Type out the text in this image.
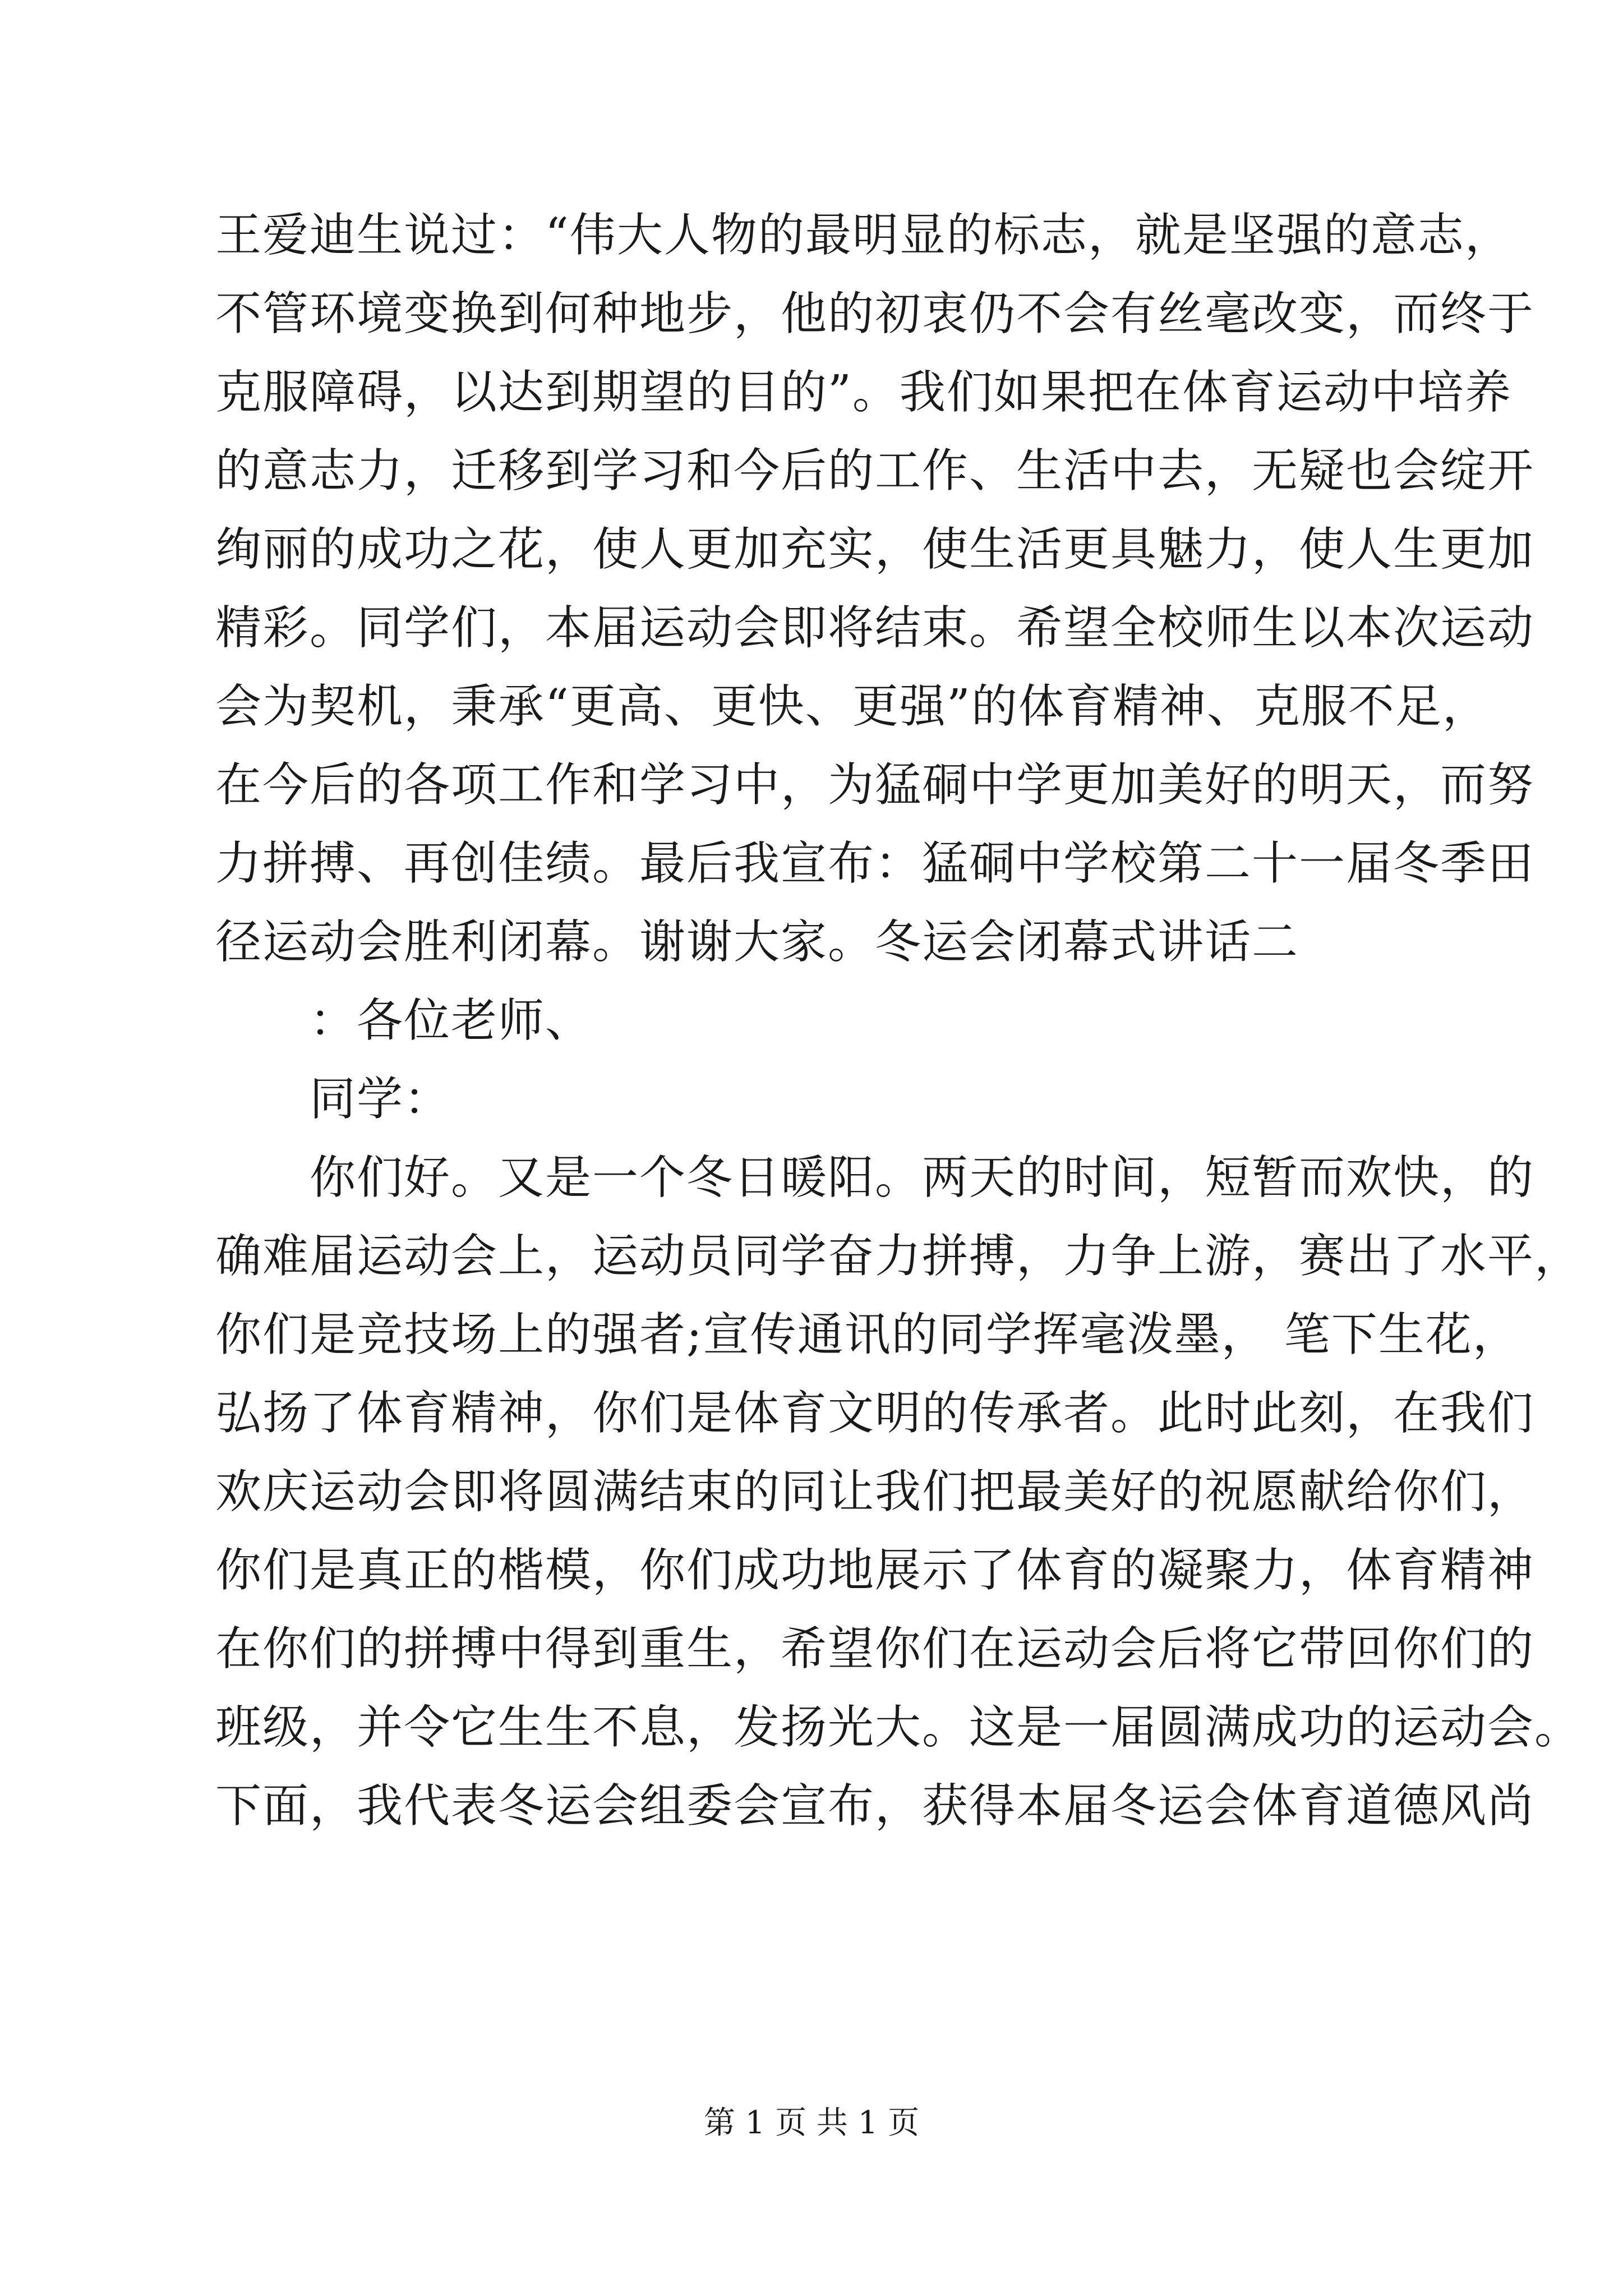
王爱迪生说过：“伟大人物的最明显的标志，就是坚强的意志，
不管环境变换到何种地步，他的初衷仍不会有丝毫改变，而终于
克服障碍，以达到期望的目的”。我们如果把在体育运动中培养
的意志力，迁移到学习和今后的工作、生活中去，无疑也会绽开
绚丽的成功之花，使人更加充实，使生活更具魅力，使人生更加
精彩。同学们，本届运动会即将结束。希望全校师生以本次运动
会为契机，秉承“更高、更快、更强”的体育精神、克服不足，
在今后的各项工作和学习中，为猛硐中学更加美好的明天，而努
力拼搏、再创佳绩。最后我宣布：猛硐中学校第二十一届冬季田
径运动会胜利闭幕。谢谢大家。冬运会闭幕式讲话二
　　：各位老师、
　　同学：
　　你们好。又是一个冬日暖阳。两天的时间，短暂而欢快，的
确难届运动会上，运动员同学奋力拼搏，力争上游，赛出了水平，
你们是竞技场上的强者;宣传通讯的同学挥毫泼墨， 笔下生花，
弘扬了体育精神，你们是体育文明的传承者。此时此刻，在我们
欢庆运动会即将圆满结束的同让我们把最美好的祝愿献给你们，
你们是真正的楷模，你们成功地展示了体育的凝聚力，体育精神
在你们的拼搏中得到重生，希望你们在运动会后将它带回你们的
班级，并令它生生不息，发扬光大。这是一届圆满成功的运动会。
下面，我代表冬运会组委会宣布，获得本届冬运会体育道德风尚
第 1 页 共 1 页
